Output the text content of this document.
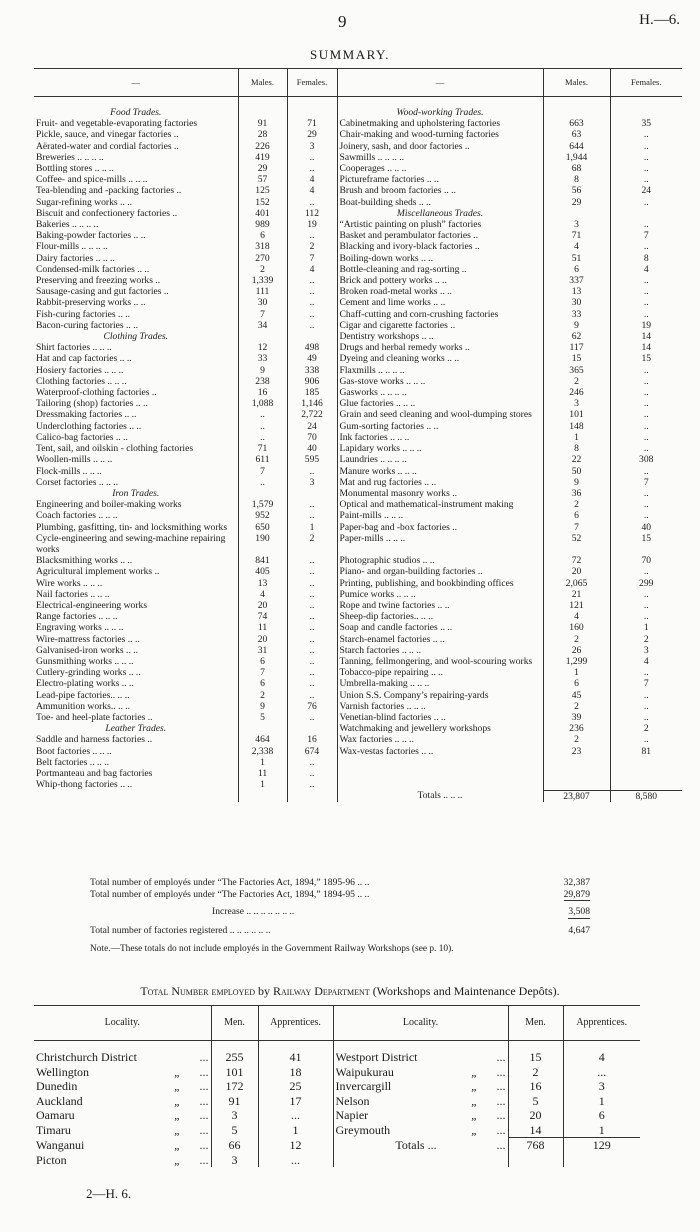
9	H.—6.
SUMMARY.
—	Males.	Females.	—	Males.	Females.
Food Trades.			Wood-working Trades.		
Fruit- and vegetable-evaporating factories	91	71	Cabinetmaking and upholstering factories	663	35
Pickle, sauce, and vinegar factories ..	28	29	Chair-making and wood-turning factories	63	..
Aërated-water and cordial factories ..	226	3	Joinery, sash, and door factories ..	644	..
Breweries .. .. .. ..	419	..	Sawmills .. .. .. ..	1,944	..
Bottling stores .. .. ..	29	..	Cooperages .. .. ..	68	..
Coffee- and spice-mills .. .. ..	57	4	Pictureframe factories .. ..	8	..
Tea-blending and -packing factories ..	125	4	Brush and broom factories .. ..	56	24
Sugar-refining works .. ..	152	..	Boat-building sheds .. ..	29	..
Biscuit and confectionery factories ..	401	112	Miscellaneous Trades.		
Bakeries .. .. .. ..	989	19	“Artistic painting on plush” factories	3	..
Baking-powder factories .. ..	6	..	Basket and perambulator factories ..	71	7
Flour-mills .. .. .. ..	318	2	Blacking and ivory-black factories ..	4	..
Dairy factories .. .. ..	270	7	Boiling-down works .. ..	51	8
Condensed-milk factories .. ..	2	4	Bottle-cleaning and rag-sorting ..	6	4
Preserving and freezing works ..	1,339	..	Brick and pottery works .. ..	337	..
Sausage-casing and gut factories ..	111	..	Broken road-metal works .. ..	13	..
Rabbit-preserving works .. ..	30	..	Cement and lime works .. ..	30	..
Fish-curing factories .. ..	7	..	Chaff-cutting and corn-crushing factories	33	..
Bacon-curing factories .. ..	34	..	Cigar and cigarette factories ..	9	19
Clothing Trades.			Dentistry workshops .. ..	62	14
Shirt factories .. .. ..	12	498	Drugs and herbal remedy works ..	117	14
Hat and cap factories .. ..	33	49	Dyeing and cleaning works .. ..	15	15
Hosiery factories .. .. ..	9	338	Flaxmills .. .. .. ..	365	..
Clothing factories .. .. ..	238	906	Gas-stove works .. .. ..	2	..
Waterproof-clothing factories ..	16	185	Gasworks .. .. .. ..	246	..
Tailoring (shop) factories .. ..	1,088	1,146	Glue factories .. .. ..	3	..
Dressmaking factories .. ..	..	2,722	Grain and seed cleaning and wool-dumping stores	101	..
Underclothing factories .. ..	..	24	Gum-sorting factories .. ..	148	..
Calico-bag factories .. ..	..	70	Ink factories .. .. ..	1	..
Tent, sail, and oilskin - clothing factories	71	40	Lapidary works .. .. ..	8	..
Woollen-mills .. .. ..	611	595	Laundries .. .. .. ..	22	308
Flock-mills .. .. ..	7	..	Manure works .. .. ..	50	..
Corset factories .. .. ..	..	3	Mat and rug factories .. ..	9	7
Iron Trades.			Monumental masonry works ..	36	..
Engineering and boiler-making works	1,579	..	Optical and mathematical-instrument making	2	..
Coach factories .. .. ..	952	..	Paint-mills .. .. ..	6	..
Plumbing, gasfitting, tin- and locksmithing works	650	1	Paper-bag and -box factories ..	7	40
Cycle-engineering and sewing-machine repairing works	190	2	Paper-mills .. .. ..	52	15
Blacksmithing works .. ..	841	..	Photographic studios .. ..	72	70
Agricultural implement works ..	405	..	Piano- and organ-building factories ..	20	..
Wire works .. .. ..	13	..	Printing, publishing, and bookbinding offices	2,065	299
Nail factories .. .. ..	4	..	Pumice works .. .. ..	21	..
Electrical-engineering works	20	..	Rope and twine factories .. ..	121	..
Range factories .. .. ..	74	..	Sheep-dip factories.. .. ..	4	..
Engraving works .. .. ..	11	..	Soap and candle factories .. ..	160	1
Wire-mattress factories .. ..	20	..	Starch-enamel factories .. ..	2	2
Galvanised-iron works .. ..	31	..	Starch factories .. .. ..	26	3
Gunsmithing works .. .. ..	6	..	Tanning, fellmongering, and wool-scouring works	1,299	4
Cutlery-grinding works .. ..	7	..	Tobacco-pipe repairing .. ..	1	..
Electro-plating works .. ..	6	..	Umbrella-making .. .. ..	6	7
Lead-pipe factories.. .. ..	2	..	Union S.S. Company’s repairing-yards	45	..
Ammunition works.. .. ..	9	76	Varnish factories .. .. ..	2	..
Toe- and heel-plate factories ..	5	..	Venetian-blind factories .. ..	39	..
Leather Trades.			Watchmaking and jewellery workshops	236	2
Saddle and harness factories ..	464	16	Wax factories .. .. ..	2	..
Boot factories .. .. ..	2,338	674	Wax-vestas factories .. ..	23	81
Belt factories .. .. ..	1	..			
Portmanteau and bag factories	11	..			
Whip-thong factories .. ..	1	..			
			Totals .. .. ..	23,807	8,580
Total number of employés under “The Factories Act, 1894,” 1895-96 .. ..	32,387
Total number of employés under “The Factories Act, 1894,” 1894-95 .. ..	29,879
Increase .. .. .. .. .. .. ..	3,508
Total number of factories registered .. .. .. .. .. ..	4,647
Note.—These totals do not include employés in the Government Railway Workshops (see p. 10).
Total Number employed by Railway Department (Workshops and Maintenance Depôts).
Locality.	Men.	Apprentices.	Locality.	Men.	Apprentices.

Christchurch District ...	255	41	Westport District ...	15	4

Wellington „ ...	101	18	Waipukurau „ ...	2	...

Dunedin „ ...	172	25	Invercargill „ ...	16	3

Auckland „ ...	91	17	Nelson „ ...	5	1

Oamaru „ ...	3	...	Napier „ ...	20	6

Timaru „ ...	5	1	Greymouth „ ...	14	1

Wanganui „ ...	66	12	Totals ... ...	768	129

Picton „ ...	3	...			
2—H. 6.
